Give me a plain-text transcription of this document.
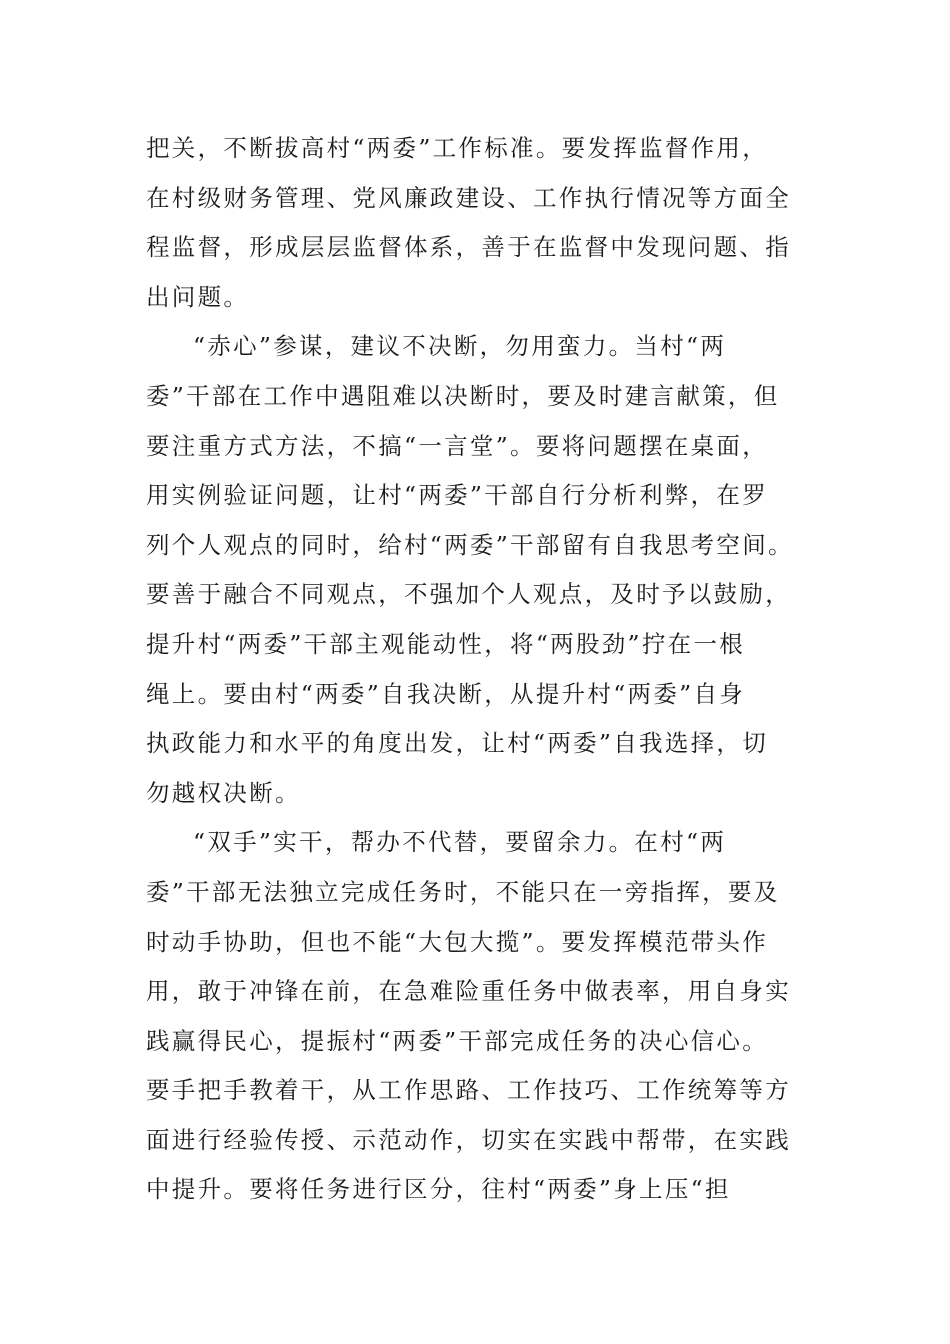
把关，不断拔高村“两委”工作标准。要发挥监督作用，
在村级财务管理、党风廉政建设、工作执行情况等方面全
程监督，形成层层监督体系，善于在监督中发现问题、指
出问题。
“赤心”参谋，建议不决断，勿用蛮力。当村“两
委”干部在工作中遇阻难以决断时，要及时建言献策，但
要注重方式方法，不搞“一言堂”。要将问题摆在桌面，
用实例验证问题，让村“两委”干部自行分析利弊，在罗
列个人观点的同时，给村“两委”干部留有自我思考空间。
要善于融合不同观点，不强加个人观点，及时予以鼓励，
提升村“两委”干部主观能动性，将“两股劲”拧在一根
绳上。要由村“两委”自我决断，从提升村“两委”自身
执政能力和水平的角度出发，让村“两委”自我选择，切
勿越权决断。
“双手”实干，帮办不代替，要留余力。在村“两
委”干部无法独立完成任务时，不能只在一旁指挥，要及
时动手协助，但也不能“大包大揽”。要发挥模范带头作
用，敢于冲锋在前，在急难险重任务中做表率，用自身实
践赢得民心，提振村“两委”干部完成任务的决心信心。
要手把手教着干，从工作思路、工作技巧、工作统筹等方
面进行经验传授、示范动作，切实在实践中帮带，在实践
中提升。要将任务进行区分，往村“两委”身上压“担
